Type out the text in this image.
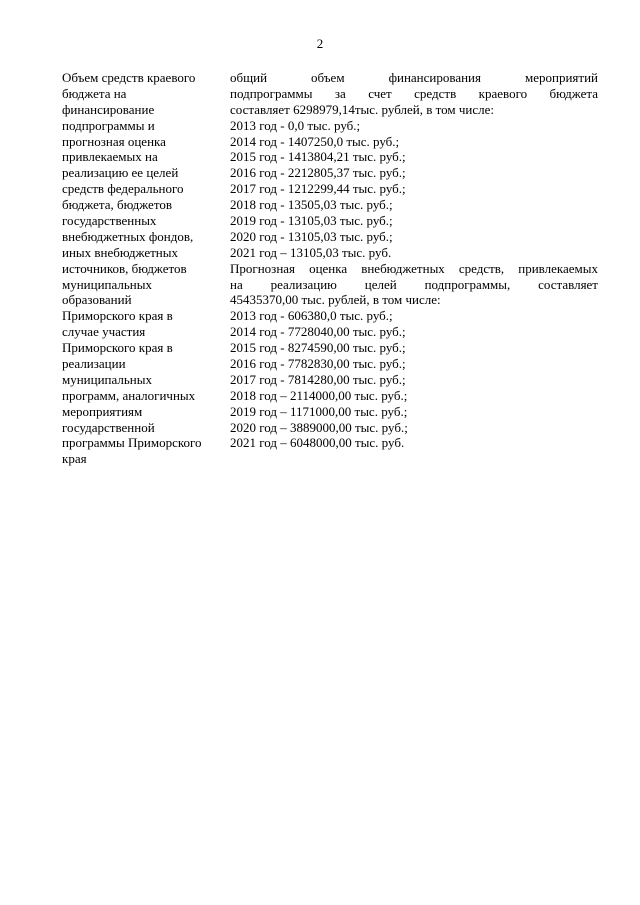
2
Объем средств краевого
бюджета на
финансирование
подпрограммы и
прогнозная оценка
привлекаемых на
реализацию ее целей
средств федерального
бюджета, бюджетов
государственных
внебюджетных фондов,
иных внебюджетных
источников, бюджетов
муниципальных
образований
Приморского края в
случае участия
Приморского края в
реализации
муниципальных
программ, аналогичных
мероприятиям
государственной
программы Приморского
края
общий объем финансирования мероприятий
подпрограммы за счет средств краевого бюджета
составляет 6298979,14тыс. рублей, в том числе:
2013 год - 0,0 тыс. руб.;
2014 год - 1407250,0 тыс. руб.;
2015 год - 1413804,21 тыс. руб.;
2016 год - 2212805,37 тыс. руб.;
2017 год - 1212299,44 тыс. руб.;
2018 год - 13505,03 тыс. руб.;
2019 год - 13105,03 тыс. руб.;
2020 год - 13105,03 тыс. руб.;
2021 год – 13105,03 тыс. руб.
Прогнозная оценка внебюджетных средств, привлекаемых
на реализацию целей подпрограммы, составляет
45435370,00 тыс. рублей, в том числе:
2013 год - 606380,0 тыс. руб.;
2014 год - 7728040,00 тыс. руб.;
2015 год - 8274590,00 тыс. руб.;
2016 год - 7782830,00 тыс. руб.;
2017 год - 7814280,00 тыс. руб.;
2018 год – 2114000,00 тыс. руб.;
2019 год – 1171000,00 тыс. руб.;
2020 год – 3889000,00 тыс. руб.;
2021 год – 6048000,00 тыс. руб.
